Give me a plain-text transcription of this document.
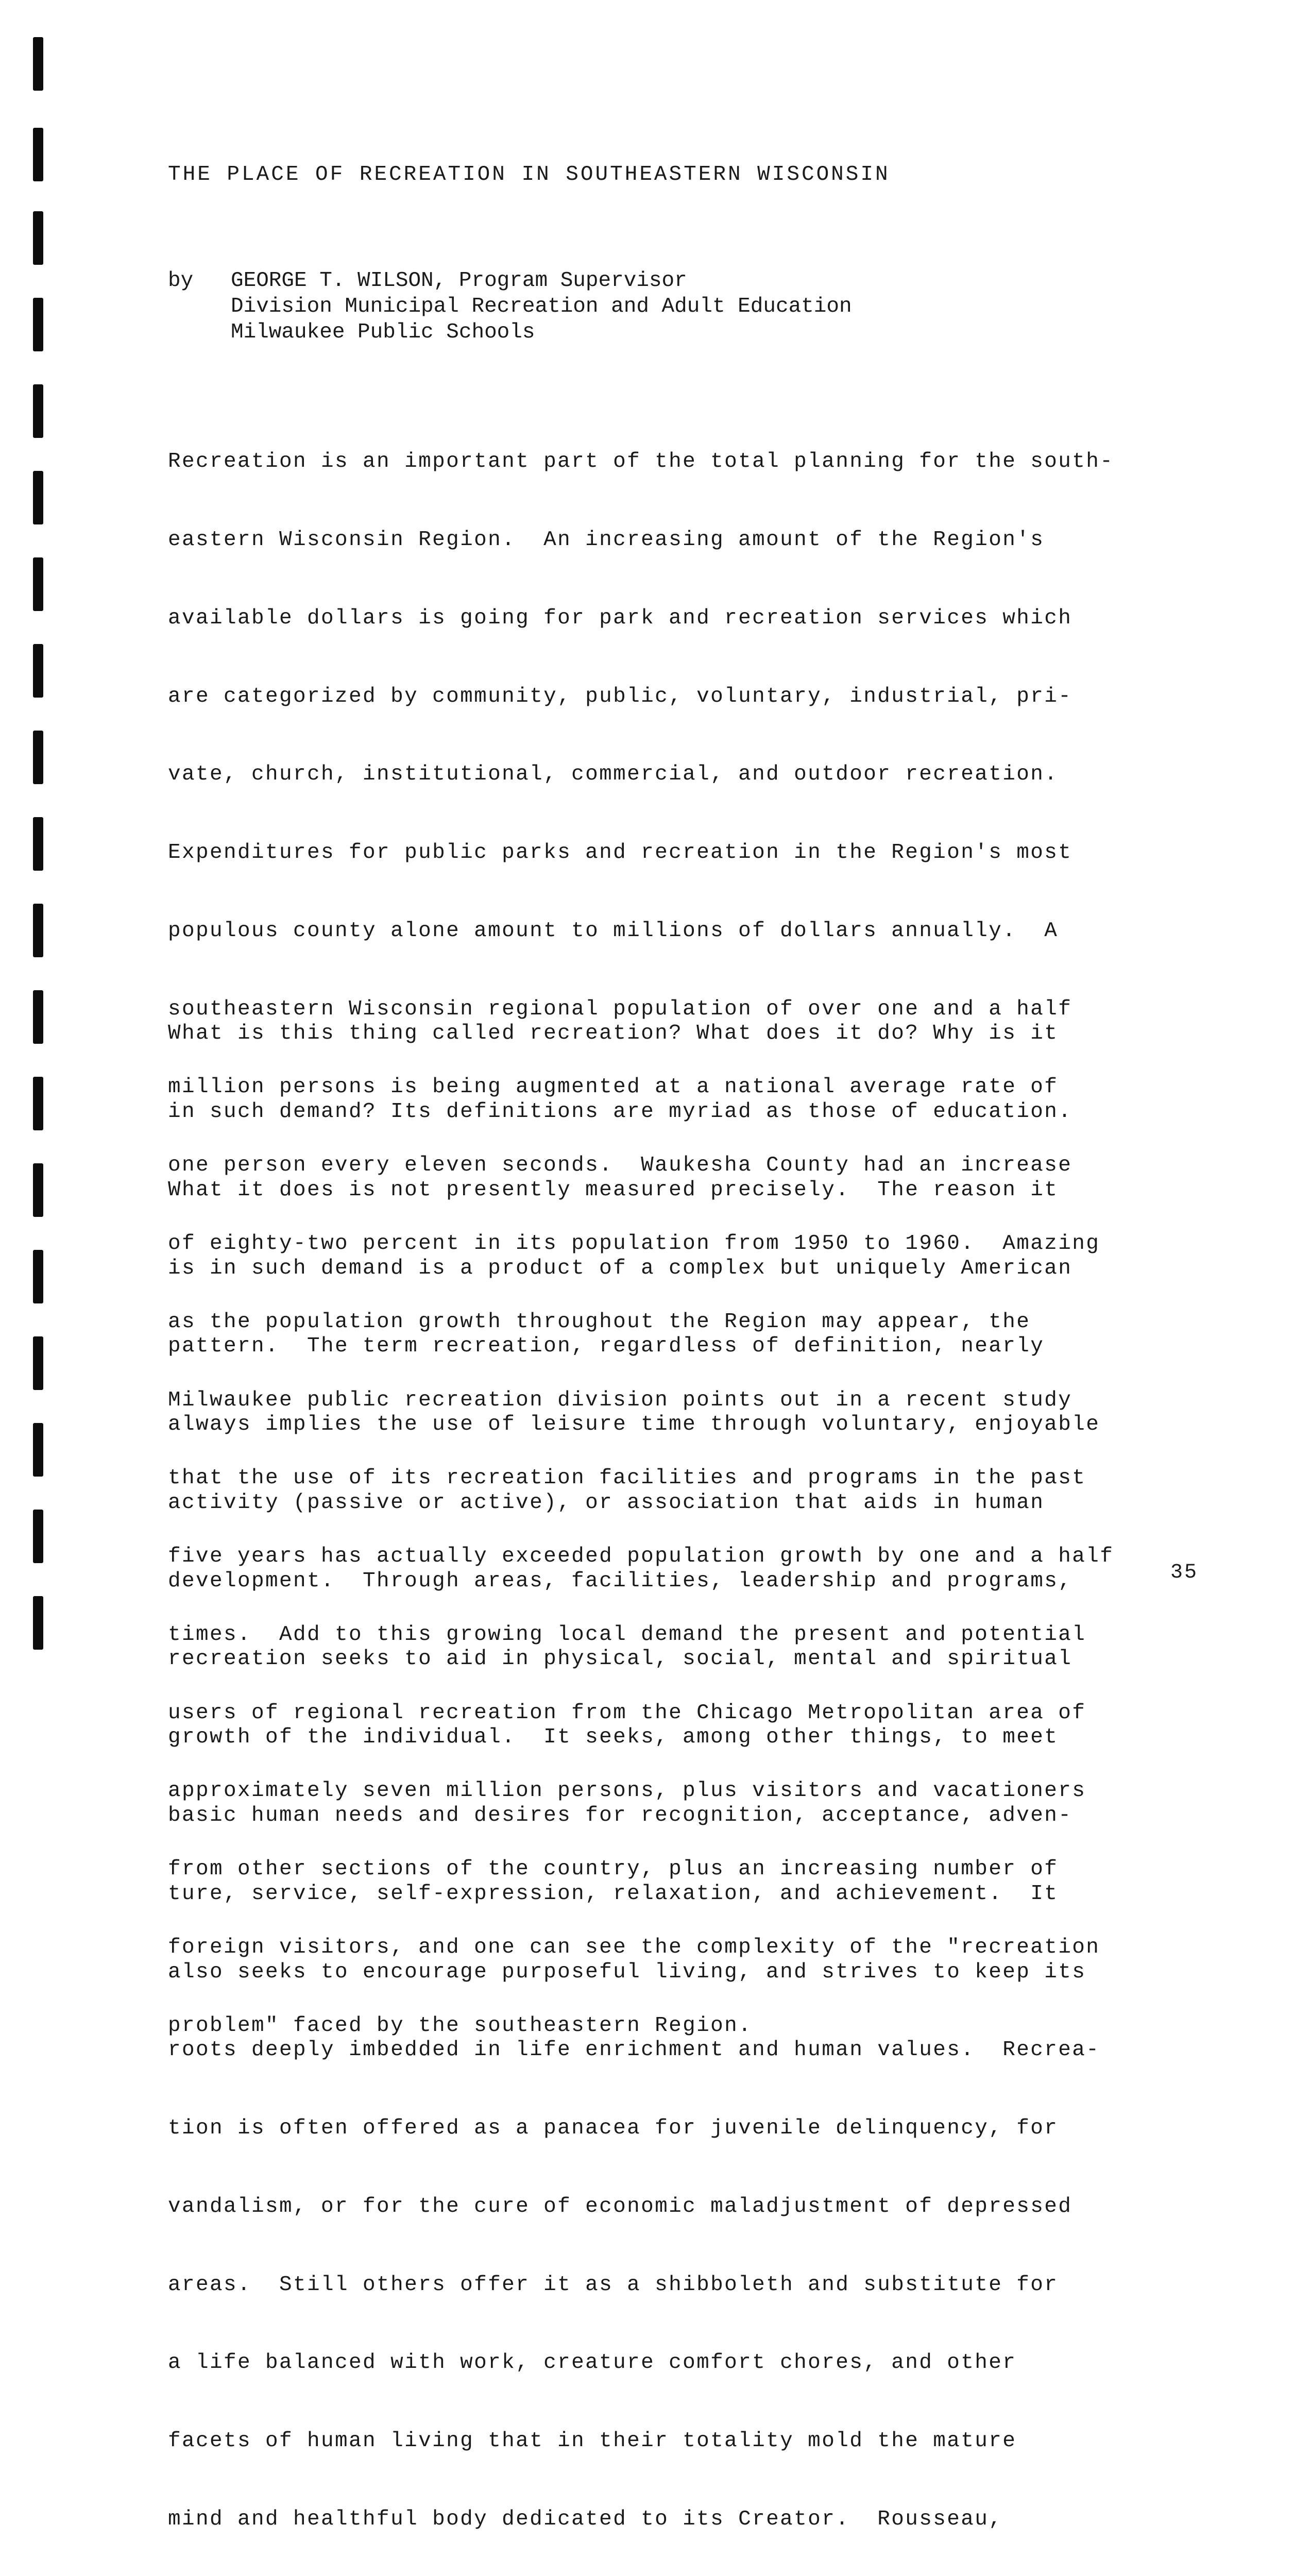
THE PLACE OF RECREATION IN SOUTHEASTERN WISCONSIN

by	GEORGE T. WILSON, Program Supervisor
Division Municipal Recreation and Adult Education
Milwaukee Public Schools

Recreation is an important part of the total planning for the south-

eastern Wisconsin Region.  An increasing amount of the Region's

available dollars is going for park and recreation services which

are categorized by community, public, voluntary, industrial, pri-

vate, church, institutional, commercial, and outdoor recreation.

Expenditures for public parks and recreation in the Region's most

populous county alone amount to millions of dollars annually.  A

southeastern Wisconsin regional population of over one and a half

million persons is being augmented at a national average rate of

one person every eleven seconds.  Waukesha County had an increase

of eighty-two percent in its population from 1950 to 1960.  Amazing

as the population growth throughout the Region may appear, the

Milwaukee public recreation division points out in a recent study

that the use of its recreation facilities and programs in the past

five years has actually exceeded population growth by one and a half

times.  Add to this growing local demand the present and potential

users of regional recreation from the Chicago Metropolitan area of

approximately seven million persons, plus visitors and vacationers

from other sections of the country, plus an increasing number of

foreign visitors, and one can see the complexity of the "recreation

problem" faced by the southeastern Region.

What is this thing called recreation? What does it do? Why is it

in such demand? Its definitions are myriad as those of education.

What it does is not presently measured precisely.  The reason it

is in such demand is a product of a complex but uniquely American

pattern.  The term recreation, regardless of definition, nearly

always implies the use of leisure time through voluntary, enjoyable

activity (passive or active), or association that aids in human

development.  Through areas, facilities, leadership and programs,

recreation seeks to aid in physical, social, mental and spiritual

growth of the individual.  It seeks, among other things, to meet

basic human needs and desires for recognition, acceptance, adven-

ture, service, self-expression, relaxation, and achievement.  It

also seeks to encourage purposeful living, and strives to keep its

roots deeply imbedded in life enrichment and human values.  Recrea-

tion is often offered as a panacea for juvenile delinquency, for

vandalism, or for the cure of economic maladjustment of depressed

areas.  Still others offer it as a shibboleth and substitute for

a life balanced with work, creature comfort chores, and other

facets of human living that in their totality mold the mature

mind and healthful body dedicated to its Creator.  Rousseau,

35
